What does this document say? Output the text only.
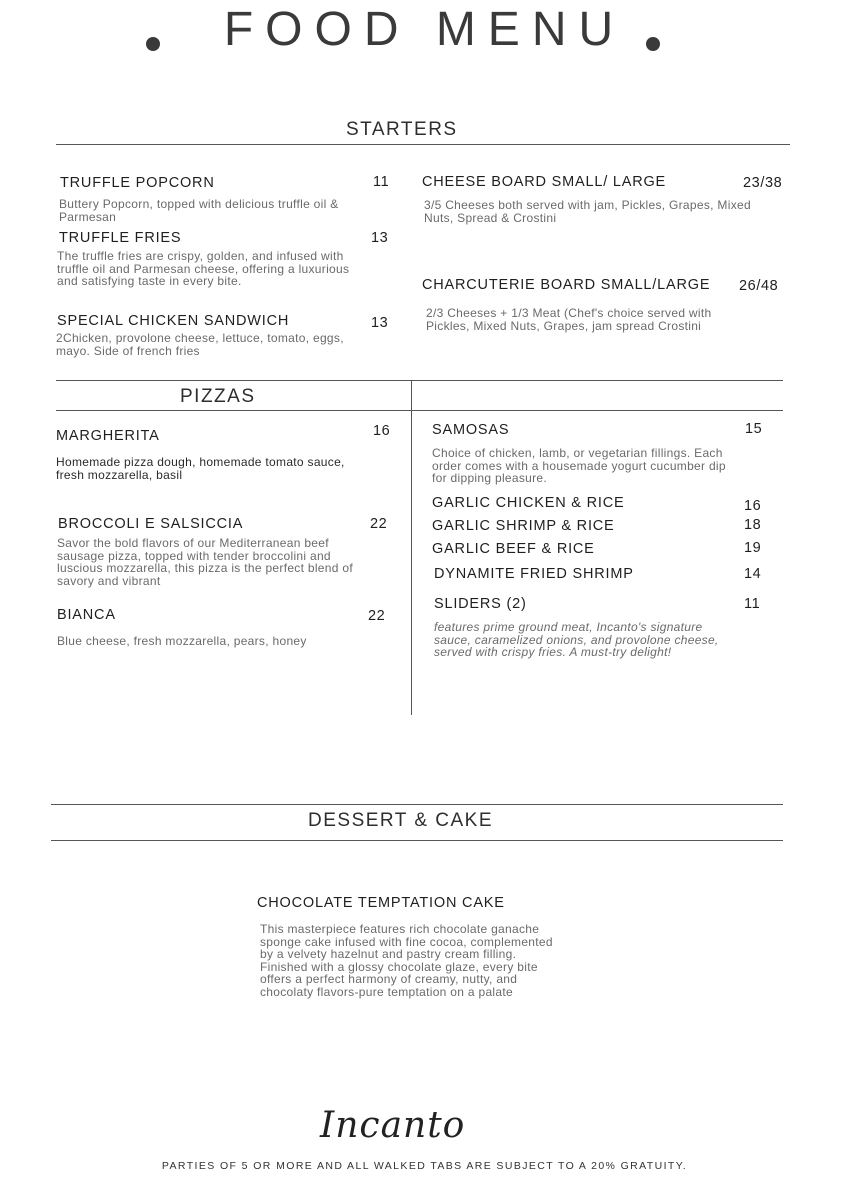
FOOD MENU
STARTERS
TRUFFLE POPCORN	11
Buttery Popcorn, topped with delicious truffle oil & Parmesan
TRUFFLE FRIES	13
The truffle fries are crispy, golden, and infused with truffle oil and Parmesan cheese, offering a luxurious and satisfying taste in every bite.
SPECIAL CHICKEN SANDWICH	13
2Chicken, provolone cheese, lettuce, tomato, eggs, mayo. Side of french fries
CHEESE BOARD SMALL/ LARGE	23/38
3/5 Cheeses both served with jam, Pickles, Grapes, Mixed Nuts, Spread & Crostini
CHARCUTERIE BOARD SMALL/LARGE 26/48
2/3 Cheeses + 1/3 Meat (Chef's choice served with Pickles, Mixed Nuts, Grapes, jam spread Crostini
PIZZAS
MARGHERITA	16
Homemade pizza dough, homemade tomato sauce, fresh mozzarella, basil
BROCCOLI E SALSICCIA	22
Savor the bold flavors of our Mediterranean beef sausage pizza, topped with tender broccolini and luscious mozzarella, this pizza is the perfect blend of savory and vibrant
BIANCA	22
Blue cheese, fresh mozzarella, pears, honey
SAMOSAS	15
Choice of chicken, lamb, or vegetarian fillings. Each order comes with a housemade yogurt cucumber dip for dipping pleasure.
GARLIC CHICKEN & RICE	16
GARLIC SHRIMP & RICE	18
GARLIC BEEF & RICE	19
DYNAMITE FRIED SHRIMP	14
SLIDERS (2)	11
features prime ground meat, Incanto's signature sauce, caramelized onions, and provolone cheese, served with crispy fries. A must-try delight!
DESSERT & CAKE
CHOCOLATE TEMPTATION CAKE
This masterpiece features rich chocolate ganache sponge cake infused with fine cocoa, complemented by a velvety hazelnut and pastry cream filling. Finished with a glossy chocolate glaze, every bite offers a perfect harmony of creamy, nutty, and chocolaty flavors-pure temptation on a palate
Incanto
PARTIES OF 5 OR MORE AND ALL WALKED TABS ARE SUBJECT TO A 20% GRATUITY.
